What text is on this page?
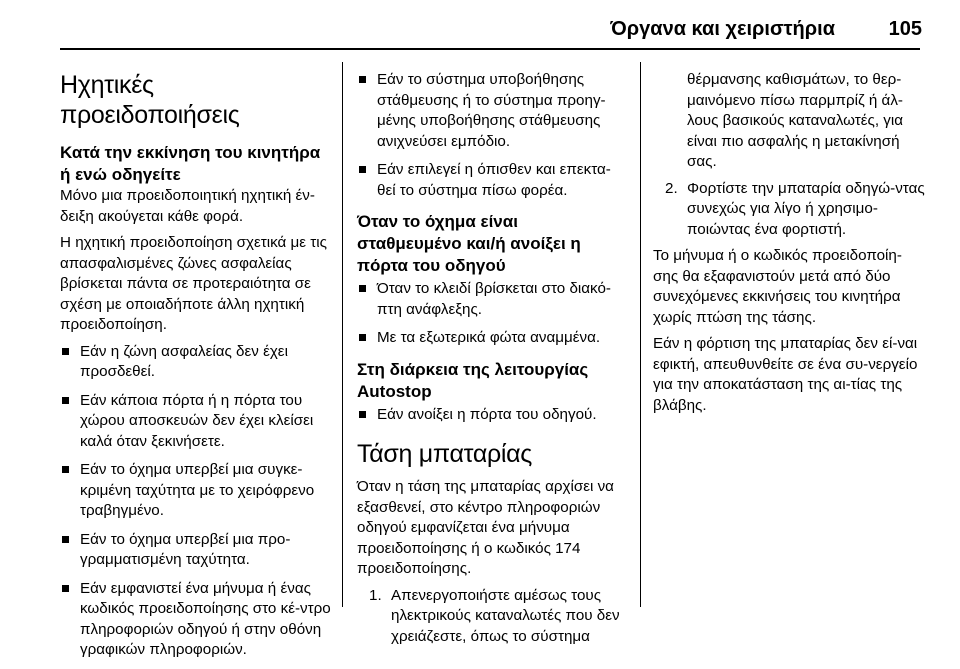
Όργανα και χειριστήρια	105
Ηχητικές προειδοποιήσεις
Κατά την εκκίνηση του κινητήρα ή ενώ οδηγείτε

Μόνο μια προειδοποιητική ηχητική έν-δειξη ακούγεται κάθε φορά.

Η ηχητική προειδοποίηση σχετικά με τις απασφαλισμένες ζώνες ασφαλείας βρίσκεται πάντα σε προτεραιότητα σε σχέση με οποιαδήποτε άλλη ηχητική προειδοποίηση.

Εάν η ζώνη ασφαλείας δεν έχει προσδεθεί.
Εάν κάποια πόρτα ή η πόρτα του χώρου αποσκευών δεν έχει κλείσει καλά όταν ξεκινήσετε.
Εάν το όχημα υπερβεί μια συγκε-κριμένη ταχύτητα με το χειρόφρενο τραβηγμένο.
Εάν το όχημα υπερβεί μια προ-γραμματισμένη ταχύτητα.
Εάν εμφανιστεί ένα μήνυμα ή ένας κωδικός προειδοποίησης στο κέ-ντρο πληροφοριών οδηγού ή στην οθόνη γραφικών πληροφοριών.
Εάν το σύστημα υποβοήθησης στάθμευσης ή το σύστημα προηγ-μένης υποβοήθησης στάθμευσης ανιχνεύσει εμπόδιο.
Εάν επιλεγεί η όπισθεν και επεκτα-θεί το σύστημα πίσω φορέα.
Όταν το όχημα είναι σταθμευμένο και/ή ανοίξει η πόρτα του οδηγού
Όταν το κλειδί βρίσκεται στο διακό-πτη ανάφλεξης.
Με τα εξωτερικά φώτα αναμμένα.
Στη διάρκεια της λειτουργίας Autostop
Εάν ανοίξει η πόρτα του οδηγού.
Τάση μπαταρίας

Όταν η τάση της μπαταρίας αρχίσει να εξασθενεί, στο κέντρο πληροφοριών οδηγού εμφανίζεται ένα μήνυμα προειδοποίησης ή ο κωδικός 174 προειδοποίησης.

1. Απενεργοποιήστε αμέσως τους ηλεκτρικούς καταναλωτές που δεν χρειάζεστε, όπως το σύστημα
θέρμανσης καθισμάτων, το θερ-μαινόμενο πίσω παρμπρίζ ή άλ-λους βασικούς καταναλωτές, για είναι πιο ασφαλής η μετακίνησή σας.
2. Φορτίστε την μπαταρία οδηγώ-ντας συνεχώς για λίγο ή χρησιμο-ποιώντας ένα φορτιστή.

Το μήνυμα ή ο κωδικός προειδοποίη-σης θα εξαφανιστούν μετά από δύο συνεχόμενες εκκινήσεις του κινητήρα χωρίς πτώση της τάσης.

Εάν η φόρτιση της μπαταρίας δεν εί-ναι εφικτή, απευθυνθείτε σε ένα συ-νεργείο για την αποκατάσταση της αι-τίας της βλάβης.
